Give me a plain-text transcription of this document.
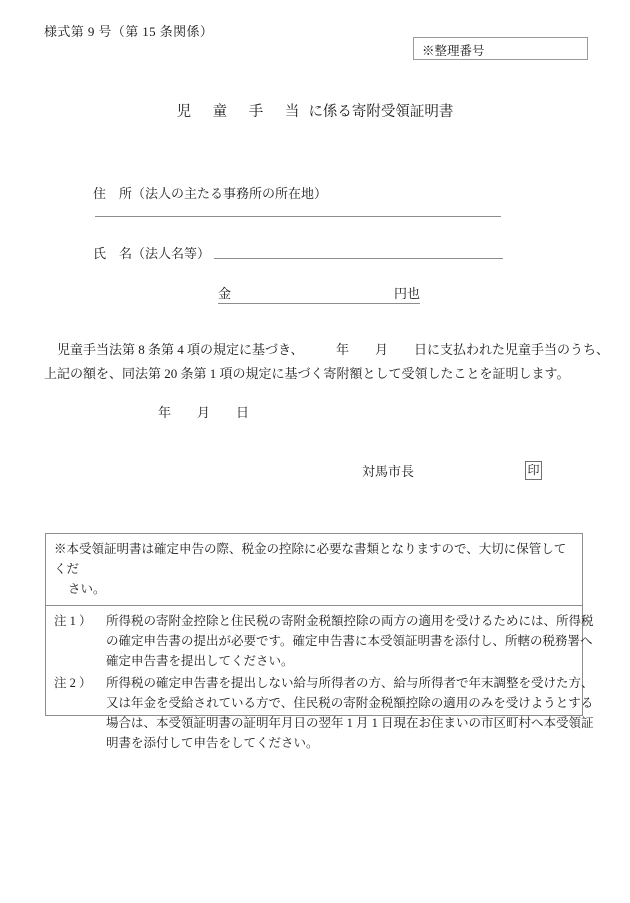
様式第 9 号（第 15 条関係）
※整理番号
児 童 手 当に係る寄附受領証明書
住　所（法人の主たる事務所の所在地）
氏　名（法人名等）
金	円也
児童手当法第 8 条第 4 項の規定に基づき、　　　年　　月　　日に支払われた児童手当のうち、
上記の額を、同法第 20 条第 1 項の規定に基づく寄附額として受領したことを証明します。
年 月 日
対馬市長	印
※本受領証明書は確定申告の際、税金の控除に必要な書類となりますので、大切に保管してくだ
さい。
注 1 ）	所得税の寄附金控除と住民税の寄附金税額控除の両方の適用を受けるためには、所得税
の確定申告書の提出が必要です。確定申告書に本受領証明書を添付し、所轄の税務署へ
確定申告書を提出してください。
注 2 ）	所得税の確定申告書を提出しない給与所得者の方、給与所得者で年末調整を受けた方、
又は年金を受給されている方で、住民税の寄附金税額控除の適用のみを受けようとする
場合は、本受領証明書の証明年月日の翌年 1 月 1 日現在お住まいの市区町村へ本受領証
明書を添付して申告をしてください。
